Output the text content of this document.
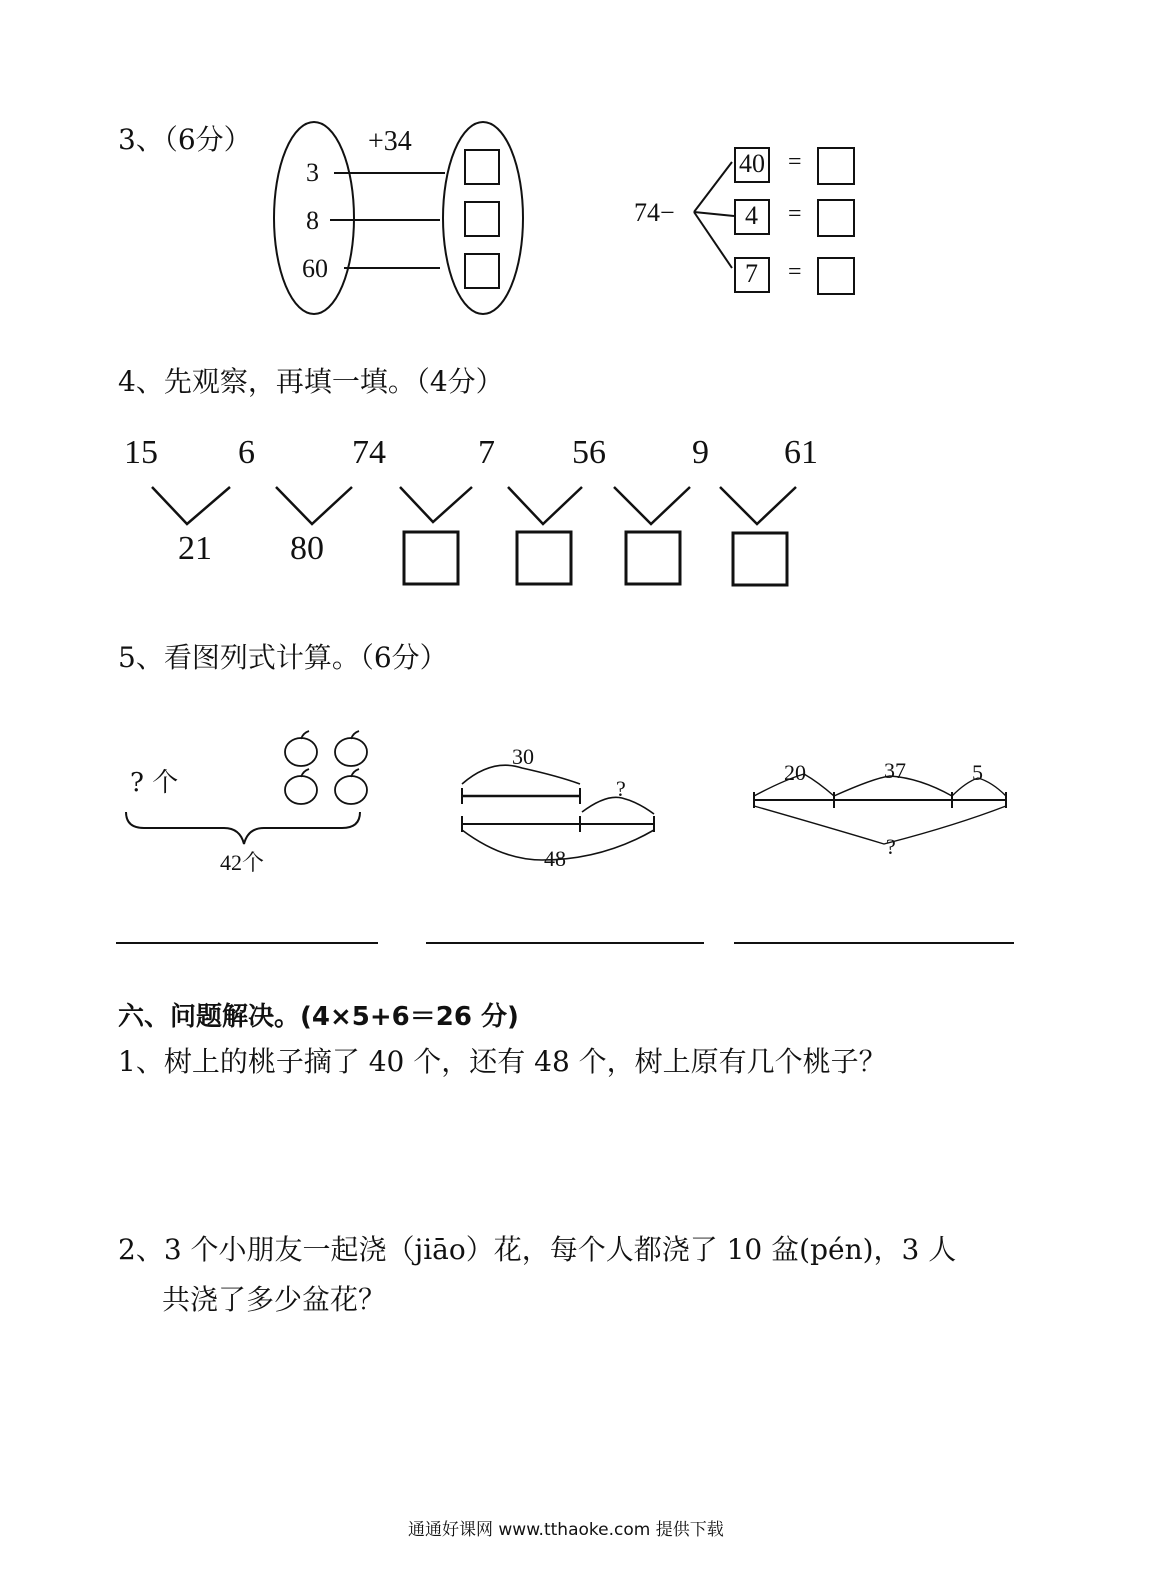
3、（6分）	+34
3
8
60
74−
40
4
7
=
=
=
4、先观察，再填一填。（4分）
15 6	74	7 56	9 61
21 80
5、看图列式计算。（6分）
? 个
42个
30
?
48
20	37	5
?
六、问题解决。(4×5+6＝26 分)
1、树上的桃子摘了 40 个，还有 48 个，树上原有几个桃子？
2、3 个小朋友一起浇（jiāo）花，每个人都浇了 10 盆(pén)，3 人
共浇了多少盆花？
通通好课网 www.tthaoke.com 提供下载
